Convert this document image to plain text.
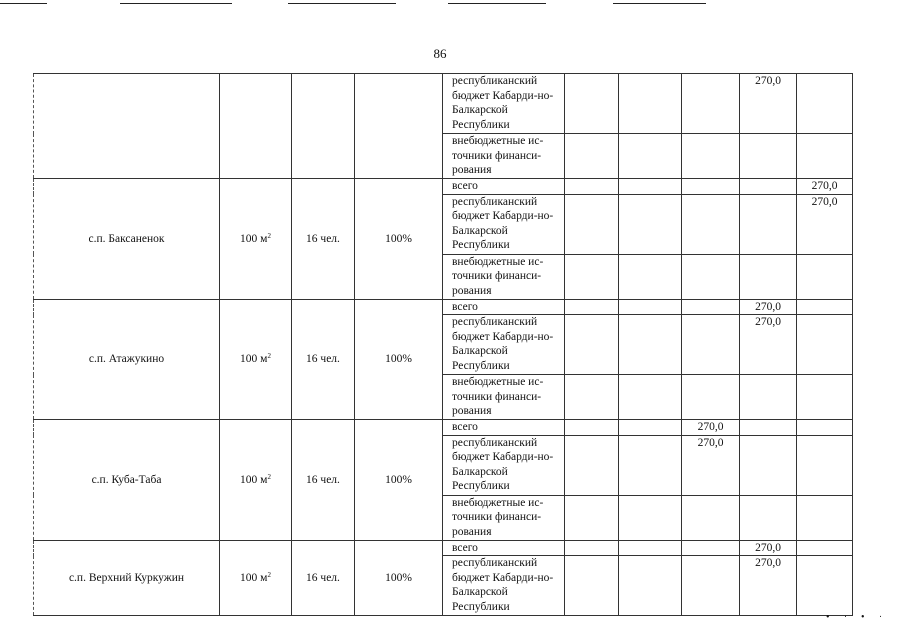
86
				республиканский бюджет Кабарди-но-Балкарской Республики				270,0	
				внебюджетные ис-точники финанси-рования					
с.п. Баксаненок	100 $м^2$	16 чел.	100%	всего					270,0
				республиканский бюджет Кабарди-но-Балкарской Республики					270,0
				внебюджетные ис-точники финанси-рования					
с.п. Атажукино	100 $м^2$	16 чел.	100%	всего				270,0	
				республиканский бюджет Кабарди-но-Балкарской Республики				270,0	
				внебюджетные ис-точники финанси-рования					
с.п. Куба-Таба	100 $м^2$	16 чел.	100%	всего			270,0		
				республиканский бюджет Кабарди-но-Балкарской Республики			270,0		
				внебюджетные ис-точники финанси-рования					
с.п. Верхний Куркужин	100 $м^2$	16 чел.	100%	всего				270,0	
				республиканский бюджет Кабарди-но-Балкарской Республики				270,0	
• ᐧ • ᐧ
